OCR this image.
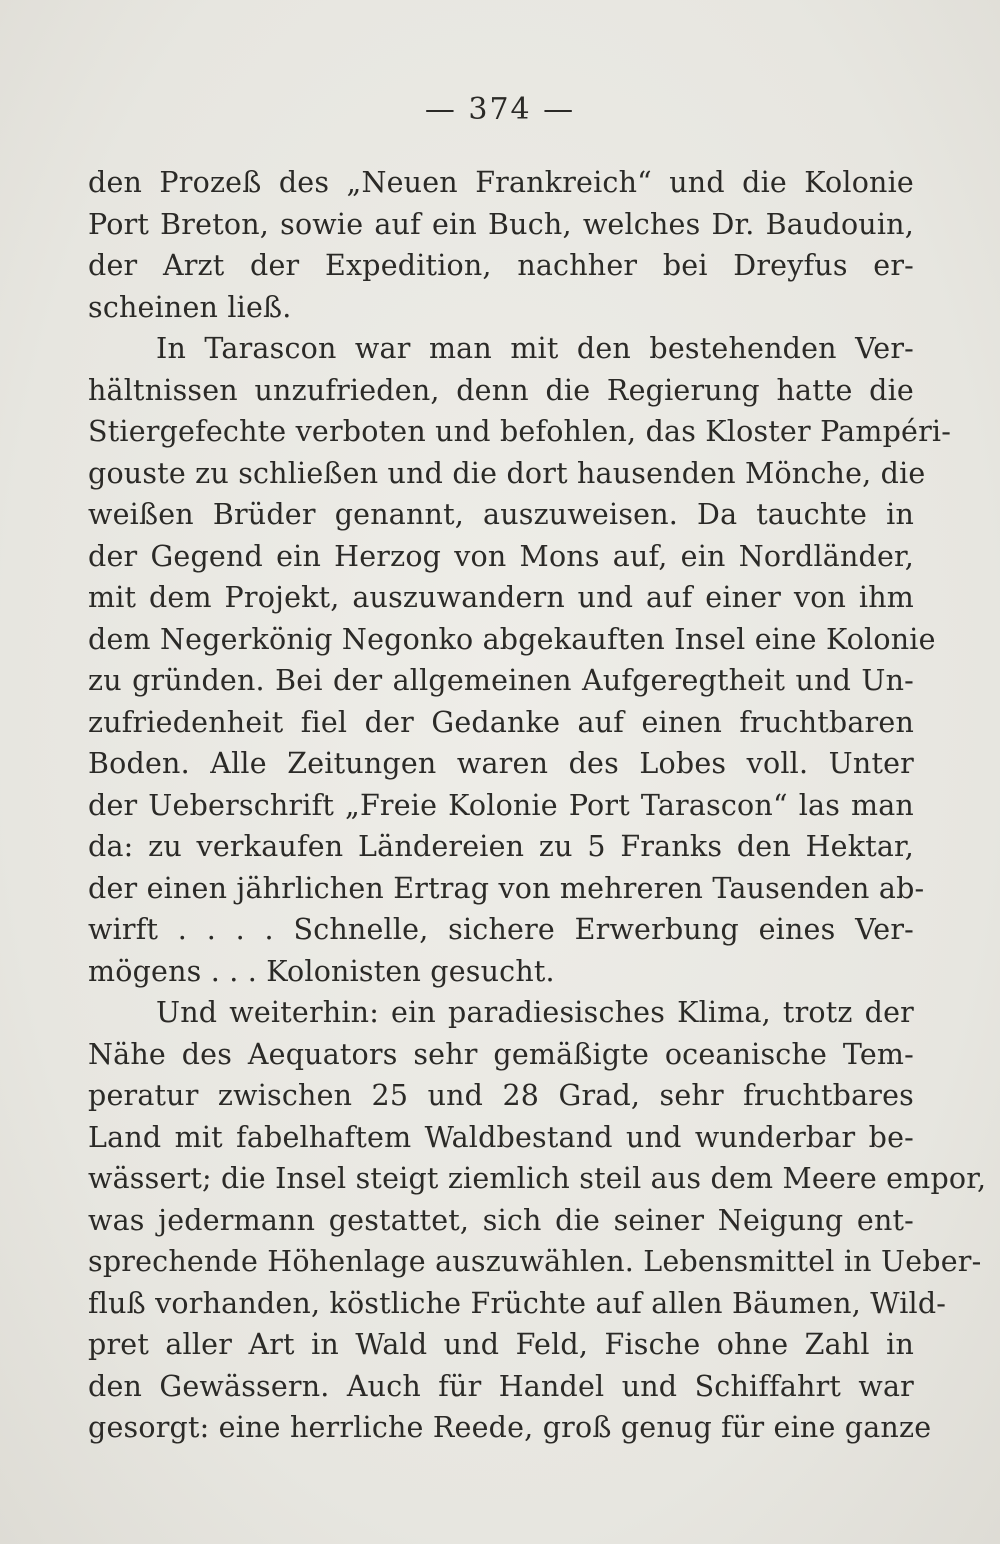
— 374 —
den Prozeß des „Neuen Frankreich“ und die Kolonie
Port Breton, sowie auf ein Buch, welches Dr. Baudouin,
der Arzt der Expedition, nachher bei Dreyfus er-
scheinen ließ.
In Tarascon war man mit den bestehenden Ver-
hältnissen unzufrieden, denn die Regierung hatte die
Stiergefechte verboten und befohlen, das Kloster Pampéri-
gouste zu schließen und die dort hausenden Mönche, die
weißen Brüder genannt, auszuweisen. Da tauchte in
der Gegend ein Herzog von Mons auf, ein Nordländer,
mit dem Projekt, auszuwandern und auf einer von ihm
dem Negerkönig Negonko abgekauften Insel eine Kolonie
zu gründen. Bei der allgemeinen Aufgeregtheit und Un-
zufriedenheit fiel der Gedanke auf einen fruchtbaren
Boden. Alle Zeitungen waren des Lobes voll. Unter
der Ueberschrift „Freie Kolonie Port Tarascon“ las man
da: zu verkaufen Ländereien zu 5 Franks den Hektar,
der einen jährlichen Ertrag von mehreren Tausenden ab-
wirft . . . . Schnelle, sichere Erwerbung eines Ver-
mögens . . . Kolonisten gesucht.
Und weiterhin: ein paradiesisches Klima, trotz der
Nähe des Aequators sehr gemäßigte oceanische Tem-
peratur zwischen 25 und 28 Grad, sehr fruchtbares
Land mit fabelhaftem Waldbestand und wunderbar be-
wässert; die Insel steigt ziemlich steil aus dem Meere empor,
was jedermann gestattet, sich die seiner Neigung ent-
sprechende Höhenlage auszuwählen. Lebensmittel in Ueber-
fluß vorhanden, köstliche Früchte auf allen Bäumen, Wild-
pret aller Art in Wald und Feld, Fische ohne Zahl in
den Gewässern. Auch für Handel und Schiffahrt war
gesorgt: eine herrliche Reede, groß genug für eine ganze
